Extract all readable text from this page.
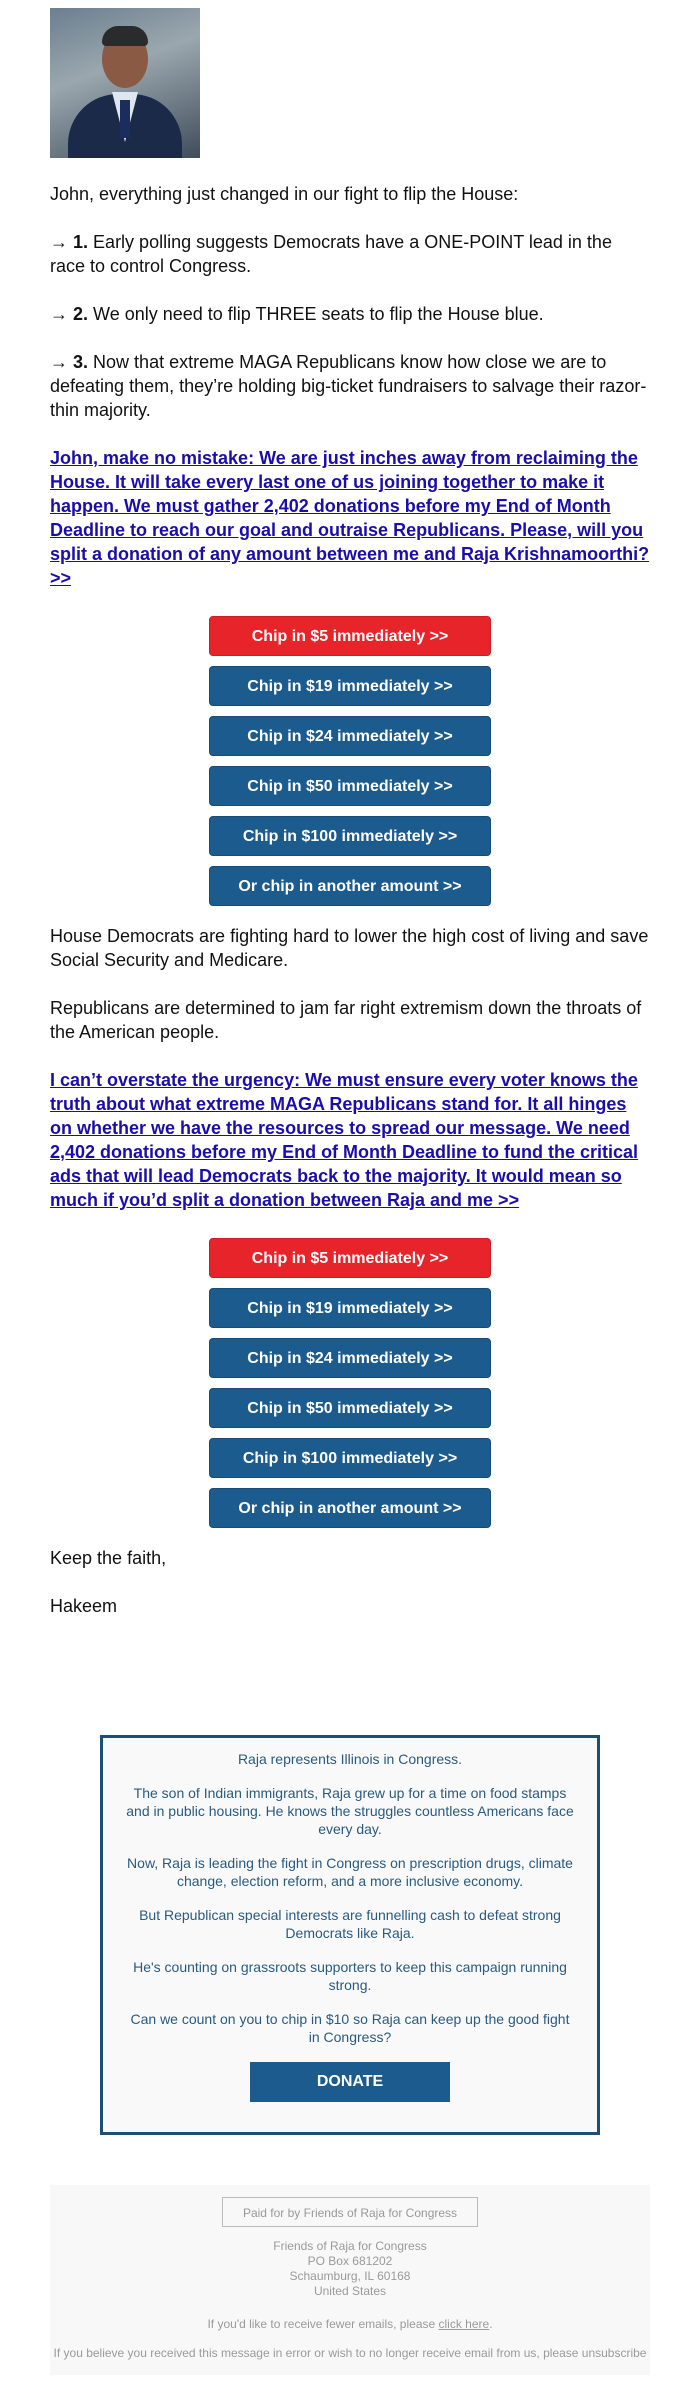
John, everything just changed in our fight to flip the House:

→ 1. Early polling suggests Democrats have a ONE-POINT lead in the race to control Congress.

→ 2. We only need to flip THREE seats to flip the House blue.

→ 3. Now that extreme MAGA Republicans know how close we are to defeating them, they’re holding big-ticket fundraisers to salvage their razor-thin majority.

John, make no mistake: We are just inches away from reclaiming the House. It will take every last one of us joining together to make it happen. We must gather 2,402 donations before my End of Month Deadline to reach our goal and outraise Republicans. Please, will you split a donation of any amount between me and Raja Krishnamoorthi? >>
Chip in $5 immediately >>
Chip in $19 immediately >>
Chip in $24 immediately >>
Chip in $50 immediately >>
Chip in $100 immediately >>
Or chip in another amount >>

House Democrats are fighting hard to lower the high cost of living and save Social Security and Medicare.

Republicans are determined to jam far right extremism down the throats of the American people.

I can’t overstate the urgency: We must ensure every voter knows the truth about what extreme MAGA Republicans stand for. It all hinges on whether we have the resources to spread our message. We need 2,402 donations before my End of Month Deadline to fund the critical ads that will lead Democrats back to the majority. It would mean so much if you’d split a donation between Raja and me >>
Chip in $5 immediately >>
Chip in $19 immediately >>
Chip in $24 immediately >>
Chip in $50 immediately >>
Chip in $100 immediately >>
Or chip in another amount >>

Keep the faith,

Hakeem

Raja represents Illinois in Congress.

The son of Indian immigrants, Raja grew up for a time on food stamps and in public housing. He knows the struggles countless Americans face every day.

Now, Raja is leading the fight in Congress on prescription drugs, climate change, election reform, and a more inclusive economy.

But Republican special interests are funnelling cash to defeat strong Democrats like Raja.

He's counting on grassroots supporters to keep this campaign running strong.

Can we count on you to chip in $10 so Raja can keep up the good fight in Congress?

DONATE
Paid for by Friends of Raja for Congress
Friends of Raja for Congress
PO Box 681202
Schaumburg, IL 60168
United States
If you'd like to receive fewer emails, please click here.
If you believe you received this message in error or wish to no longer receive email from us, please unsubscribe
